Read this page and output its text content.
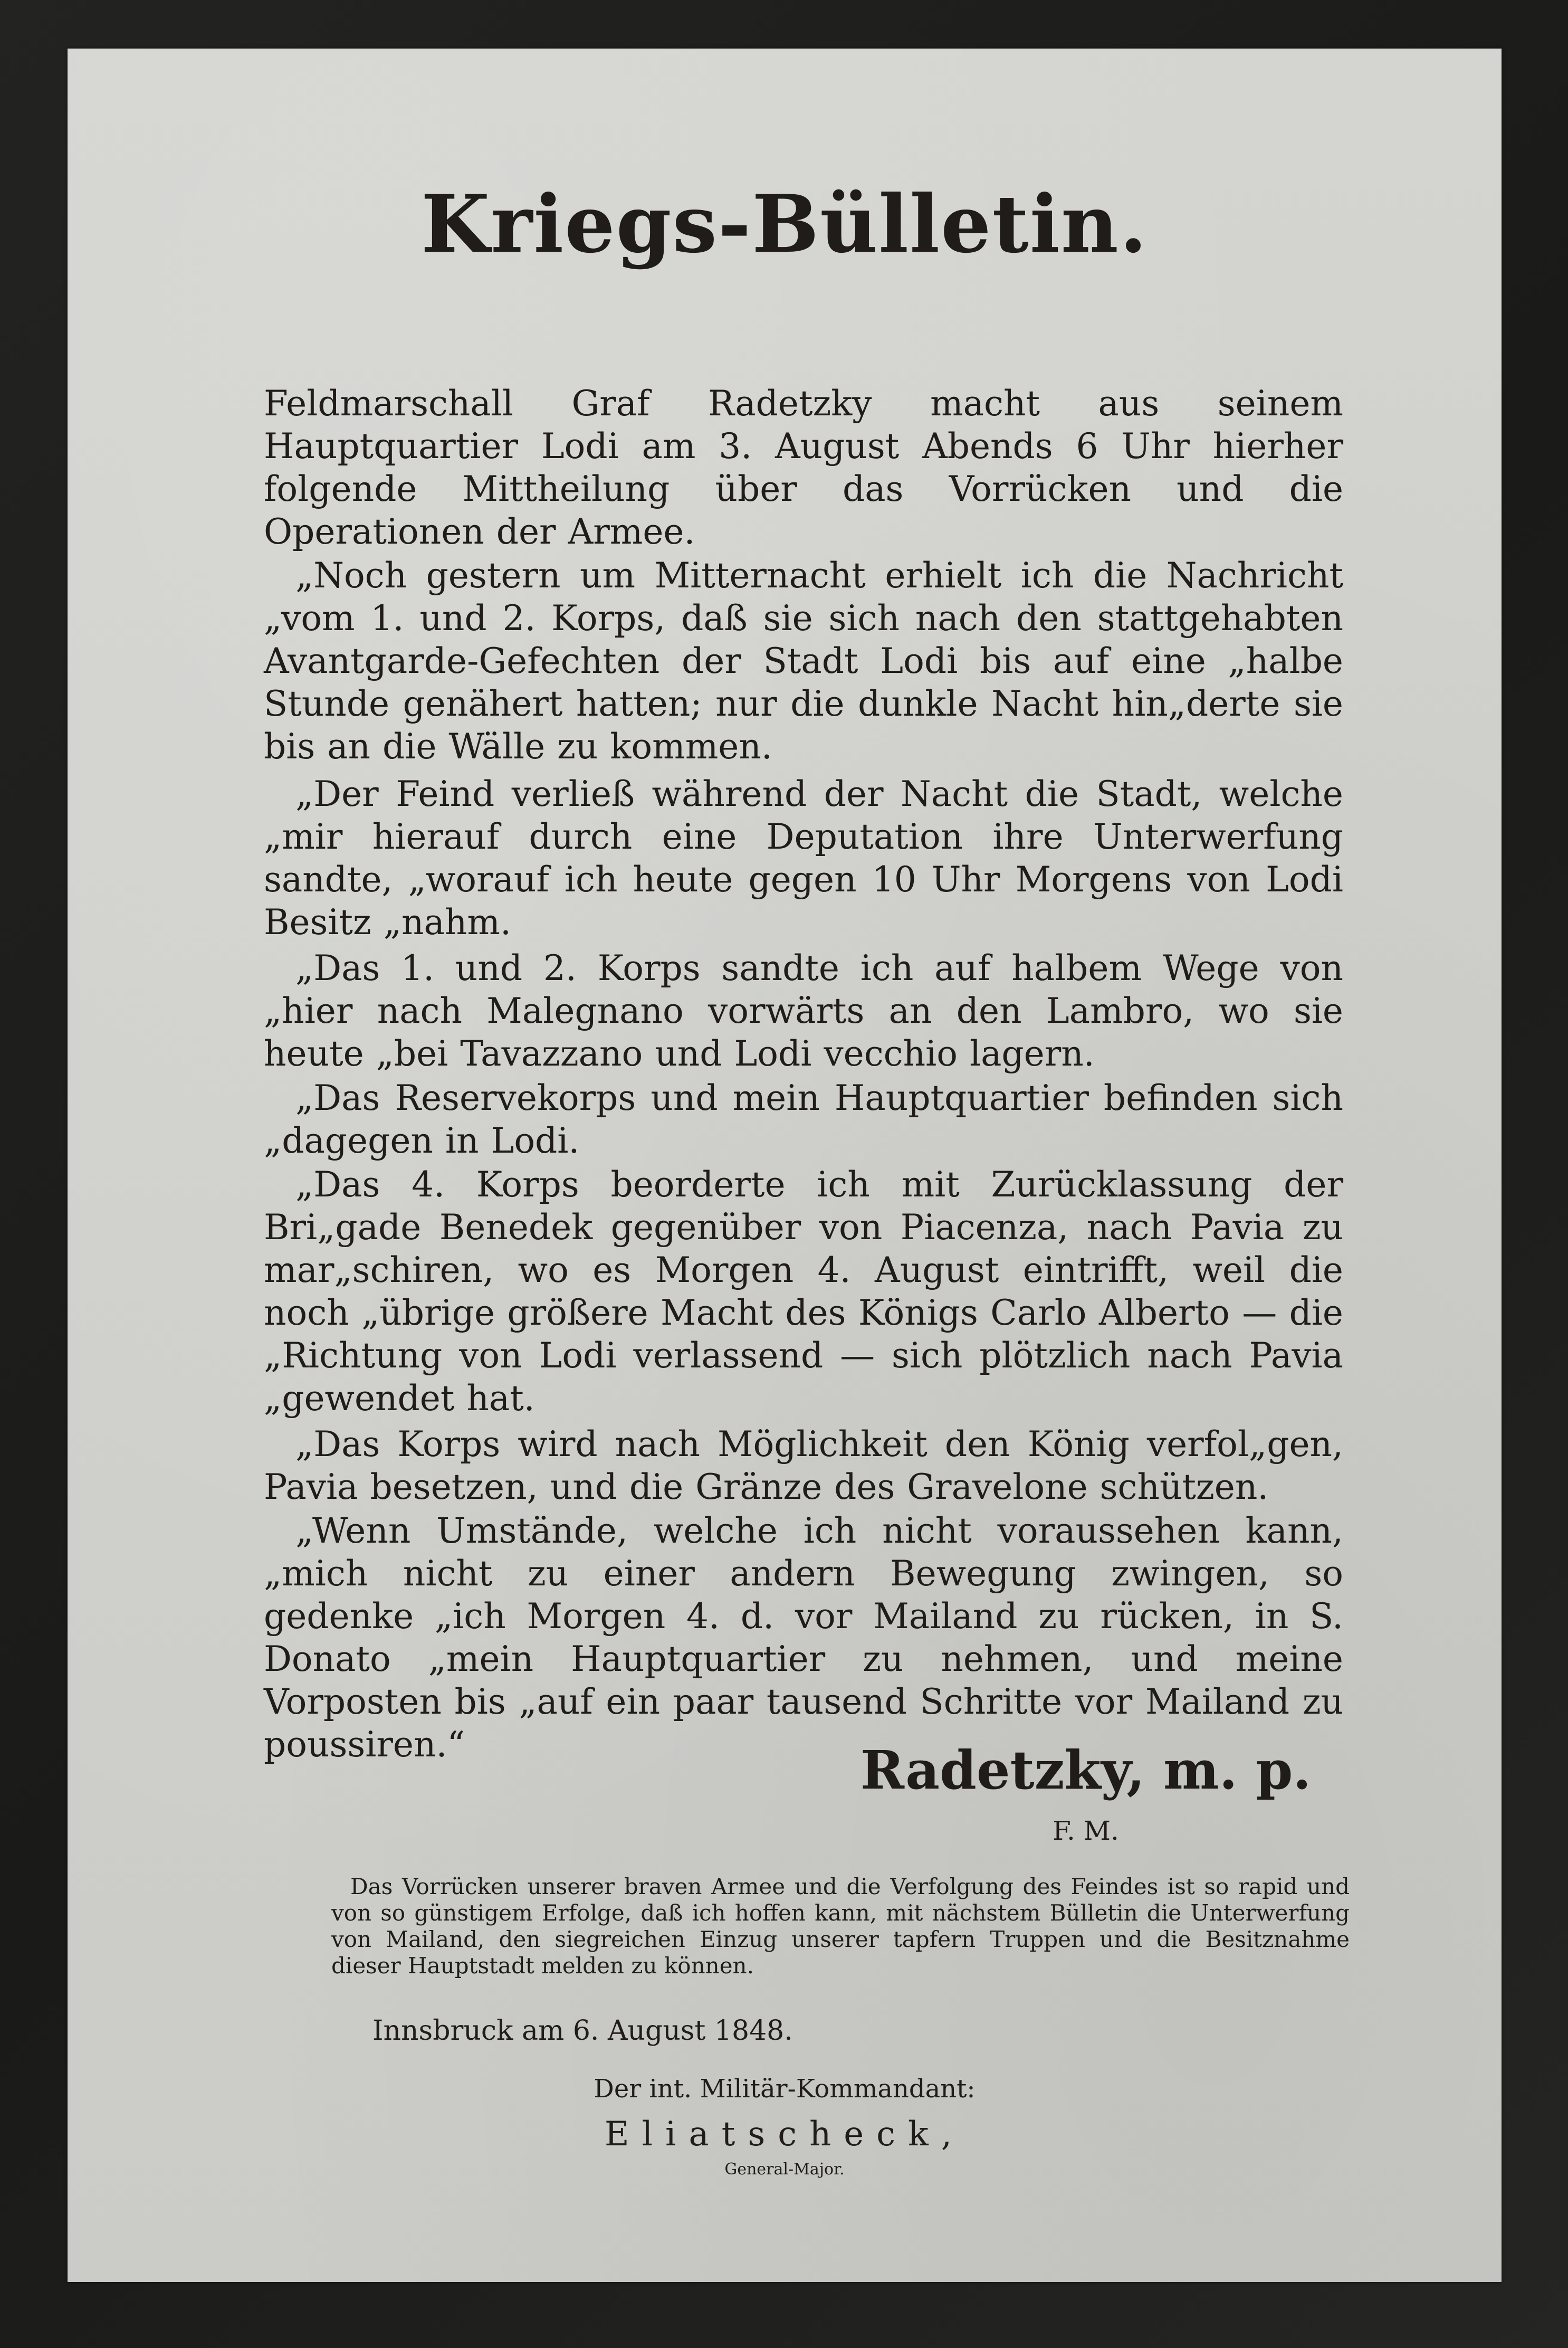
Kriegs-Bülletin.

Feldmarschall Graf Radetzky macht aus seinem Hauptquartier Lodi am 3. August Abends 6 Uhr hierher folgende Mittheilung über das Vorrücken und die Operationen der Armee.

„Noch gestern um Mitternacht erhielt ich die Nachricht „vom 1. und 2. Korps, daß sie sich nach den stattgehabten Avantgarde-Gefechten der Stadt Lodi bis auf eine „halbe Stunde genähert hatten; nur die dunkle Nacht hin„derte sie bis an die Wälle zu kommen.

„Der Feind verließ während der Nacht die Stadt, welche „mir hierauf durch eine Deputation ihre Unterwerfung sandte, „worauf ich heute gegen 10 Uhr Morgens von Lodi Besitz „nahm.

„Das 1. und 2. Korps sandte ich auf halbem Wege von „hier nach Malegnano vorwärts an den Lambro, wo sie heute „bei Tavazzano und Lodi vecchio lagern.

„Das Reservekorps und mein Hauptquartier befinden sich „dagegen in Lodi.

„Das 4. Korps beorderte ich mit Zurücklassung der Bri„gade Benedek gegenüber von Piacenza, nach Pavia zu mar„schiren, wo es Morgen 4. August eintrifft, weil die noch „übrige größere Macht des Königs Carlo Alberto — die „Richtung von Lodi verlassend — sich plötzlich nach Pavia „gewendet hat.

„Das Korps wird nach Möglichkeit den König verfol„gen, Pavia besetzen, und die Gränze des Gravelone schützen.

„Wenn Umstände, welche ich nicht voraussehen kann, „mich nicht zu einer andern Bewegung zwingen, so gedenke „ich Morgen 4. d. vor Mailand zu rücken, in S. Donato „mein Hauptquartier zu nehmen, und meine Vorposten bis „auf ein paar tausend Schritte vor Mailand zu poussiren.“	Radetzky, m. p.

F. M.

Das Vorrücken unserer braven Armee und die Verfolgung des Feindes ist so rapid und von so günstigem Erfolge, daß ich hoffen kann, mit nächstem Bülletin die Unterwerfung von Mailand, den siegreichen Einzug unserer tapfern Truppen und die Besitznahme dieser Hauptstadt melden zu können.

Innsbruck am 6. August 1848.

Der int. Militär-Kommandant:

Eliatscheck,

General-Major.
